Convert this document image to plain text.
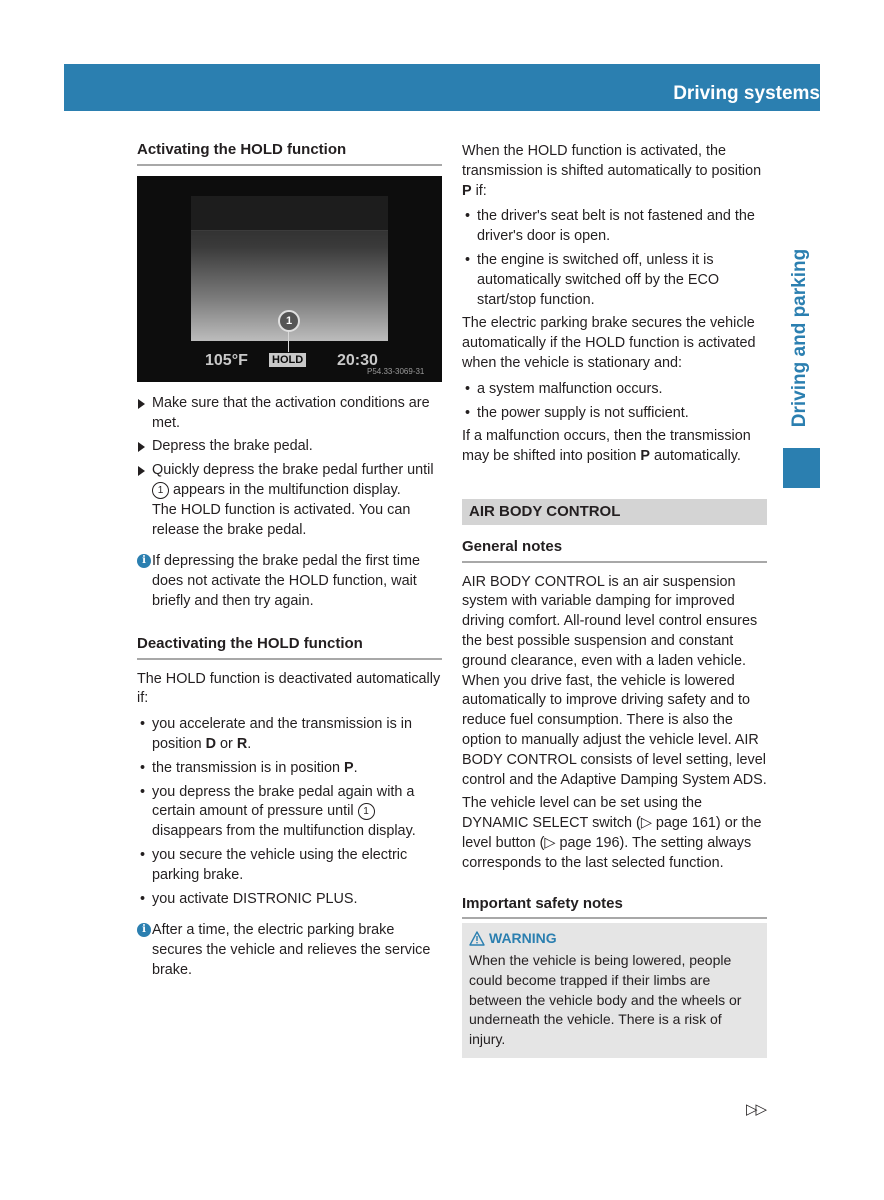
Driving systems	195
Driving and parking
Activating the HOLD function
1
105°F HOLD 20:30
P54.33-3069-31
Make sure that the activation conditions are met.
Depress the brake pedal.
Quickly depress the brake pedal further until 1 appears in the multifunction display.
The HOLD function is activated. You can release the brake pedal.
i If depressing the brake pedal the first time does not activate the HOLD function, wait briefly and then try again.

Deactivating the HOLD function

The HOLD function is deactivated automatically if:

• you accelerate and the transmission is in position D or R.
• the transmission is in position P.
• you depress the brake pedal again with a certain amount of pressure until 1 disappears from the multifunction display.
• you secure the vehicle using the electric parking brake.
• you activate DISTRONIC PLUS.
i After a time, the electric parking brake secures the vehicle and relieves the service brake.

When the HOLD function is activated, the transmission is shifted automatically to position P if:

• the driver's seat belt is not fastened and the driver's door is open.
• the engine is switched off, unless it is automatically switched off by the ECO start/stop function.

The electric parking brake secures the vehicle automatically if the HOLD function is activated when the vehicle is stationary and:

• a system malfunction occurs.
• the power supply is not sufficient.

If a malfunction occurs, then the transmission may be shifted into position P automatically.

AIR BODY CONTROL
General notes

AIR BODY CONTROL is an air suspension system with variable damping for improved driving comfort. All-round level control ensures the best possible suspension and constant ground clearance, even with a laden vehicle. When you drive fast, the vehicle is lowered automatically to improve driving safety and to reduce fuel consumption. There is also the option to manually adjust the vehicle level. AIR BODY CONTROL consists of level setting, level control and the Adaptive Damping System ADS.

The vehicle level can be set using the DYNAMIC SELECT switch (▷ page 161) or the level button (▷ page 196). The setting always corresponds to the last selected function.

Important safety notes
WARNING

When the vehicle is being lowered, people could become trapped if their limbs are between the vehicle body and the wheels or underneath the vehicle. There is a risk of injury.

▷▷
